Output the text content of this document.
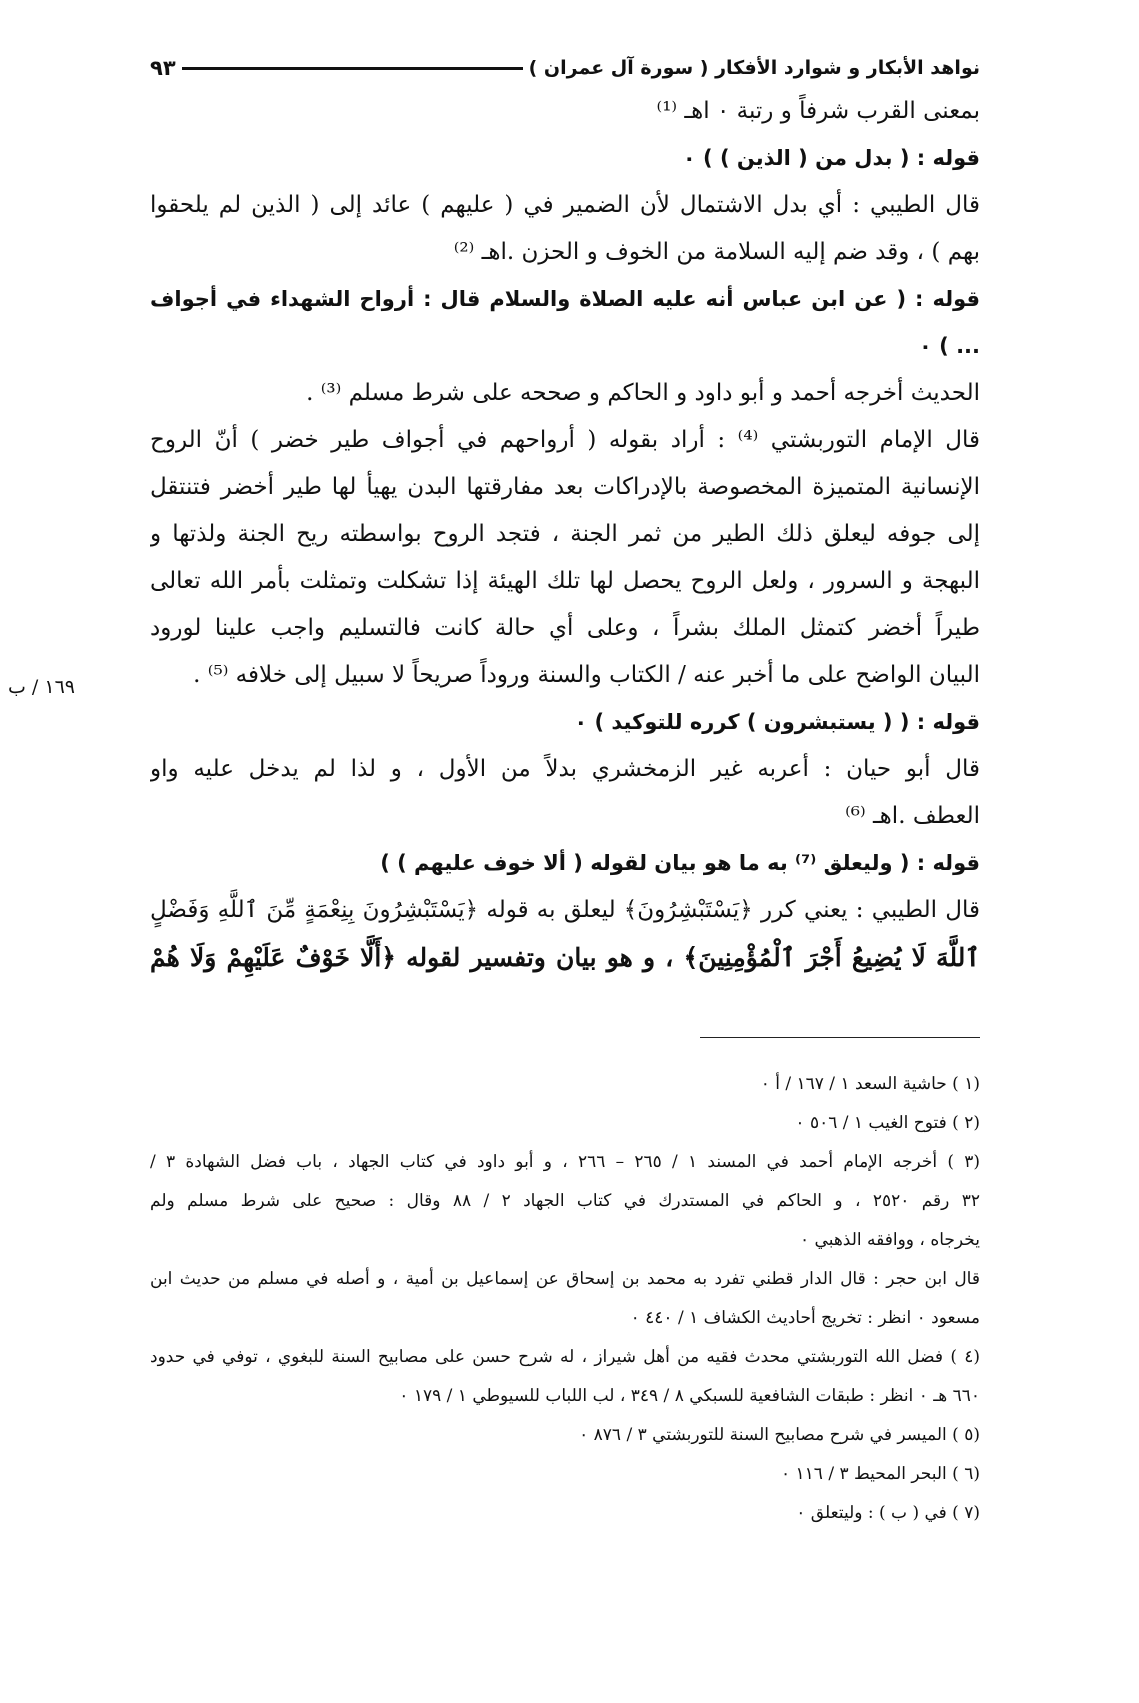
نواهد الأبكار و شوارد الأفكار ( سورة آل عمران )
٩٣
بمعنى القرب شرفاً و رتبة ٠ اهـ ⁽¹⁾
قوله : ( بدل من ( الذين ) ) ٠
قال الطيبي : أي بدل الاشتمال لأن الضمير في ( عليهم ) عائد إلى ( الذين لم يلحقوا
بهم ) ، وقد ضم إليه السلامة من الخوف و الحزن .اهـ ⁽²⁾
قوله : ( عن ابن عباس أنه عليه الصلاة والسلام قال : أرواح الشهداء في أجواف
... ) ٠
الحديث أخرجه أحمد و أبو داود و الحاكم و صححه على شرط مسلم ⁽³⁾ .
قال الإمام التوربشتي ⁽⁴⁾ : أراد بقوله ( أرواحهم في أجواف طير خضر ) أنّ الروح
الإنسانية المتميزة المخصوصة بالإدراكات بعد مفارقتها البدن يهيأ لها طير أخضر فتنتقل
إلى جوفه ليعلق ذلك الطير من ثمر الجنة ، فتجد الروح بواسطته ريح الجنة ولذتها و
البهجة و السرور ، ولعل الروح يحصل لها تلك الهيئة إذا تشكلت وتمثلت بأمر الله تعالى
طيراً أخضر كتمثل الملك بشراً ، وعلى أي حالة كانت فالتسليم واجب علينا لورود
البيان الواضح على ما أخبر عنه / الكتاب والسنة وروداً صريحاً لا سبيل إلى خلافه ⁽⁵⁾ .
قوله : ( ( يستبشرون ) كرره للتوكيد ) ٠
قال أبو حيان : أعربه غير الزمخشري بدلاً من الأول ، و لذا لم يدخل عليه واو
العطف .اهـ ⁽⁶⁾
قوله : ( وليعلق ⁽⁷⁾ به ما هو بيان لقوله ( ألا خوف عليهم ) )
قال الطيبي : يعني كرر ﴿يَسْتَبْشِرُونَ﴾ ليعلق به قوله ﴿يَسْتَبْشِرُونَ بِنِعْمَةٍ مِّنَ ٱللَّهِ وَفَضْلٍ
ٱللَّهَ لَا يُضِيعُ أَجْرَ ٱلْمُؤْمِنِينَ﴾ ، و هو بيان وتفسير لقوله ﴿أَلَّا خَوْفٌ عَلَيْهِمْ وَلَا هُمْ
١٦٩ / ب
(١ ) حاشية السعد ١ / ١٦٧ / أ ٠
(٢ ) فتوح الغيب ١ / ٥٠٦ ٠
(٣ ) أخرجه الإمام أحمد في المسند ١ / ٢٦٥ – ٢٦٦ ، و أبو داود في كتاب الجهاد ، باب فضل الشهادة ٣ /
٣٢ رقم ٢٥٢٠ ، و الحاكم في المستدرك في كتاب الجهاد ٢ / ٨٨ وقال : صحيح على شرط مسلم ولم
يخرجاه ، ووافقه الذهبي ٠
قال ابن حجر : قال الدار قطني تفرد به محمد بن إسحاق عن إسماعيل بن أمية ، و أصله في مسلم من حديث ابن
مسعود ٠ انظر : تخريج أحاديث الكشاف ١ / ٤٤٠ ٠
(٤ ) فضل الله التوربشتي محدث فقيه من أهل شيراز ، له شرح حسن على مصابيح السنة للبغوي ، توفي في حدود
٦٦٠ هـ ٠ انظر : طبقات الشافعية للسبكي ٨ / ٣٤٩ ، لب اللباب للسيوطي ١ / ١٧٩ ٠
(٥ ) الميسر في شرح مصابيح السنة للتوربشتي ٣ / ٨٧٦ ٠
(٦ ) البحر المحيط ٣ / ١١٦ ٠
(٧ ) في ( ب ) : وليتعلق ٠
